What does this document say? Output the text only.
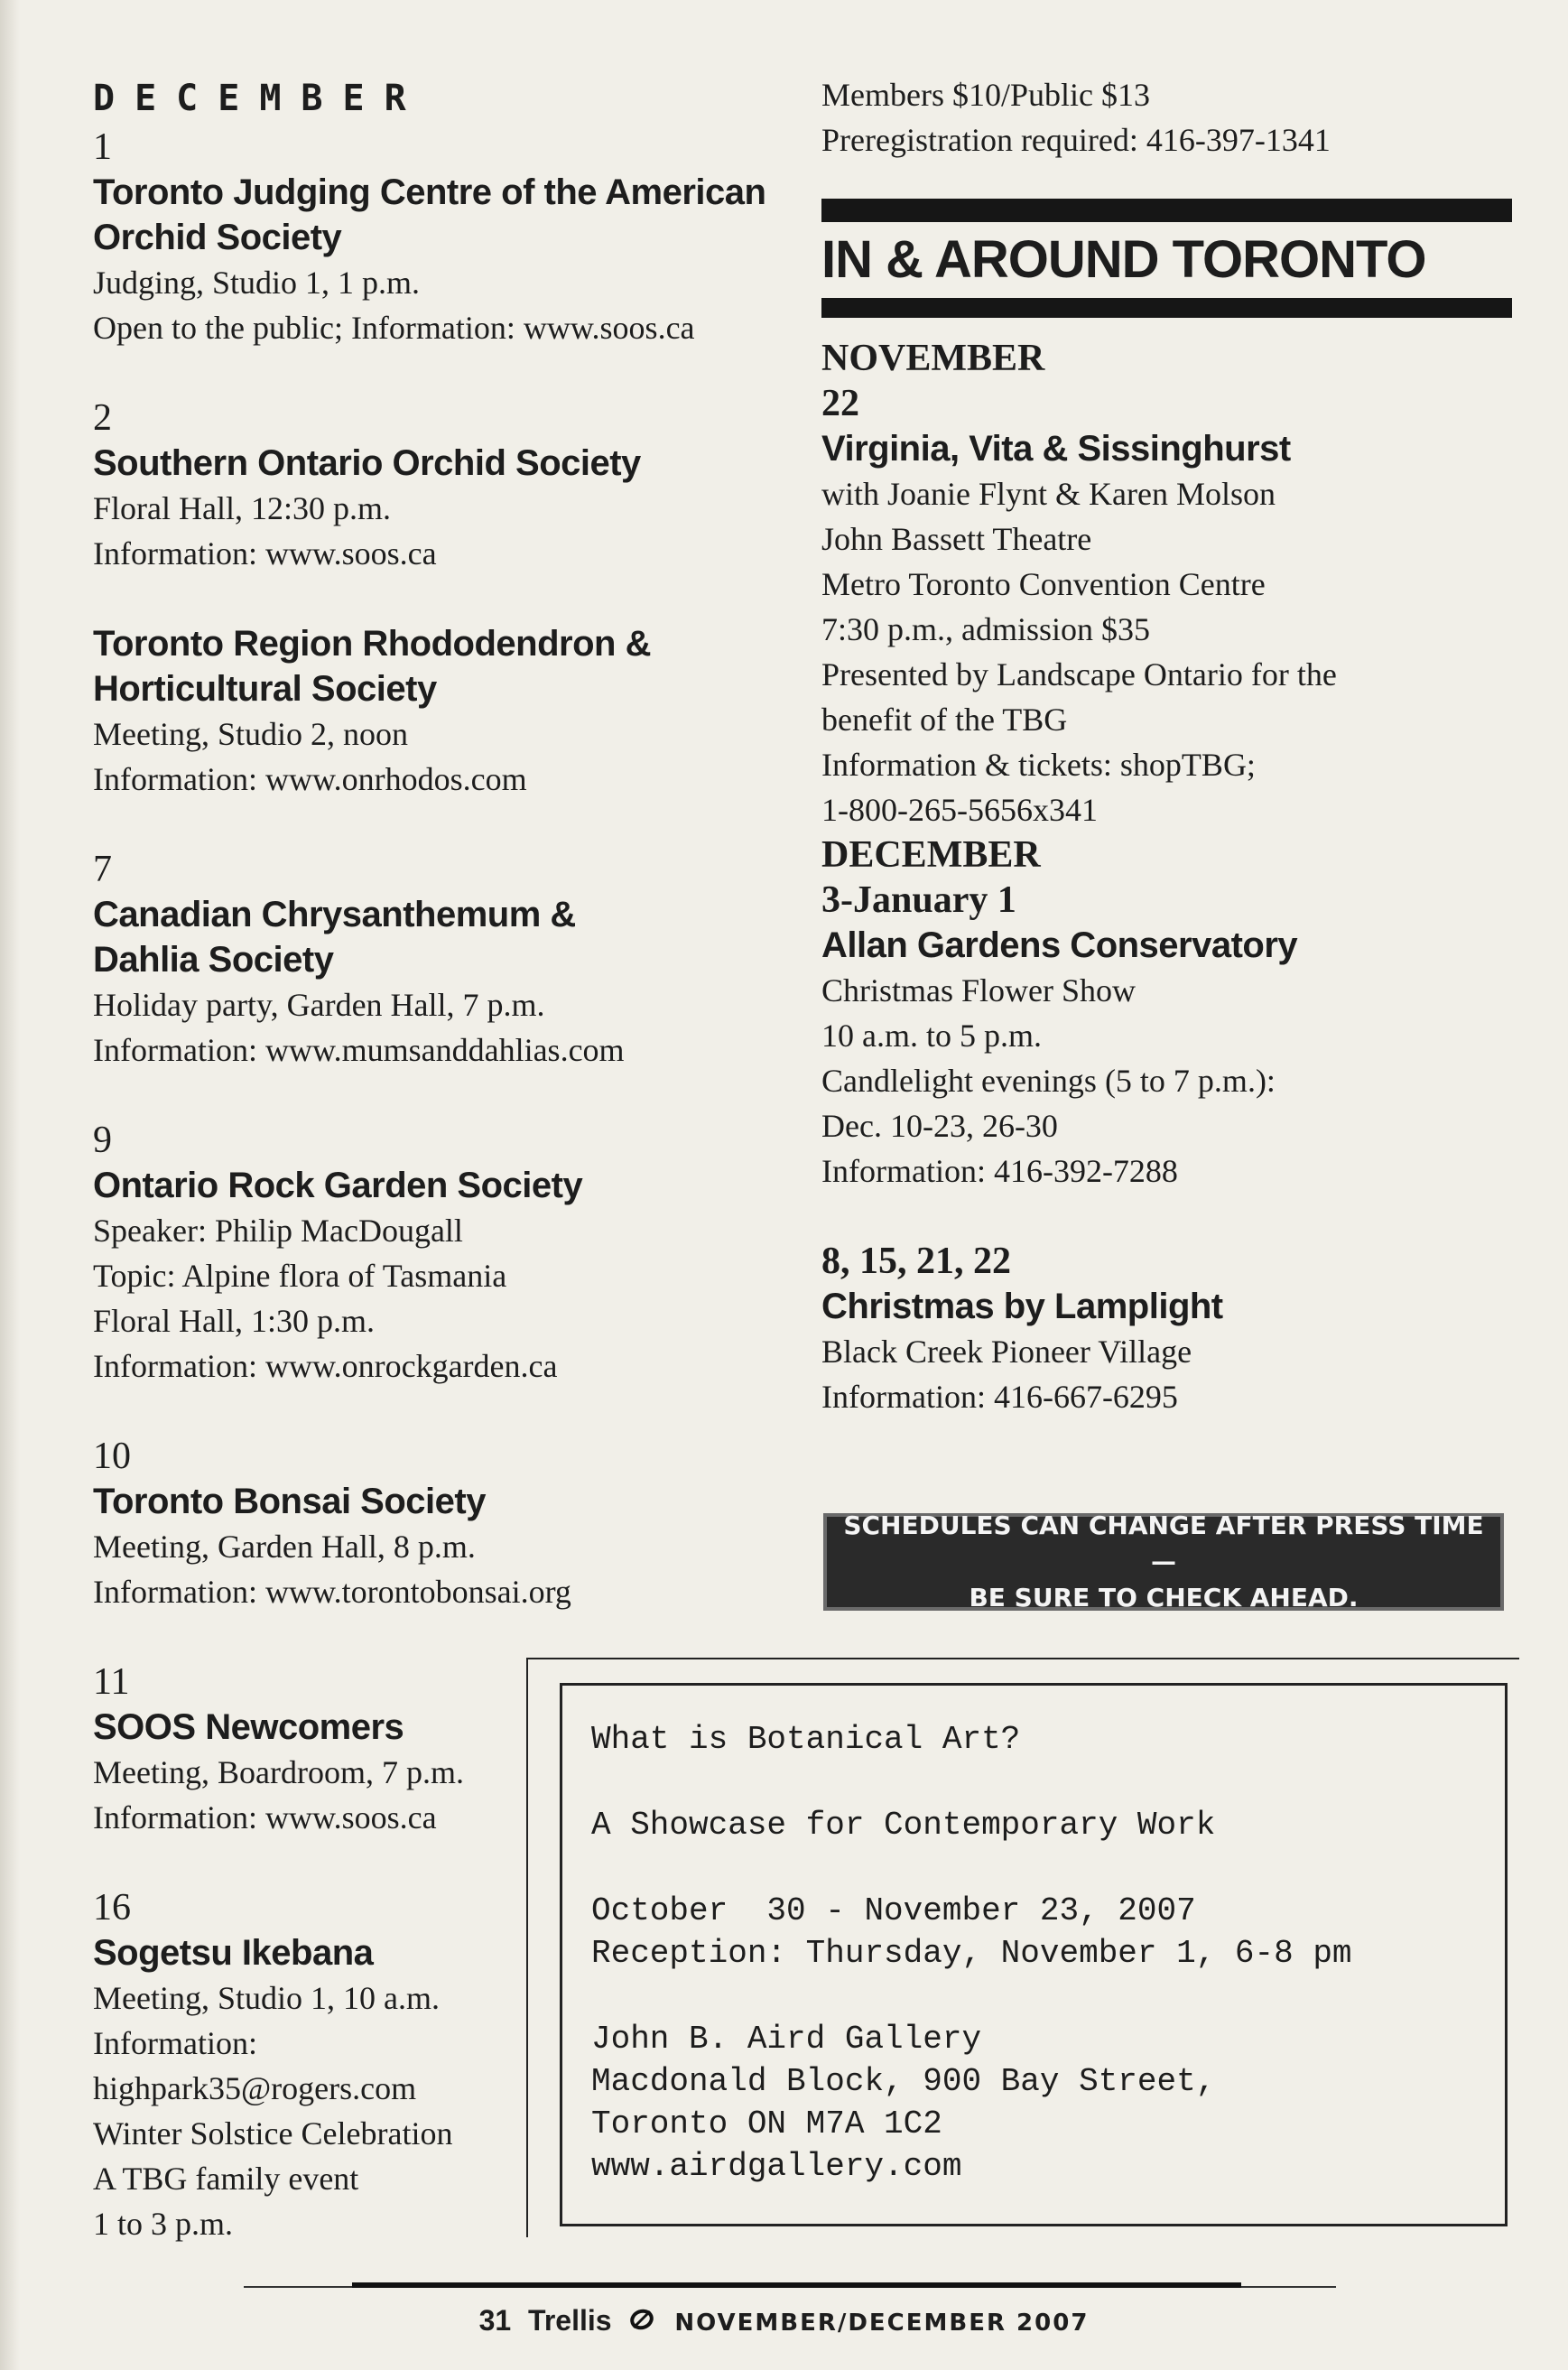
DECEMBER

1

Toronto Judging Centre of the American

Orchid Society

Judging, Studio 1, 1 p.m.

Open to the public; Information: www.soos.ca

2

Southern Ontario Orchid Society

Floral Hall, 12:30 p.m.

Information: www.soos.ca

Toronto Region Rhododendron &

Horticultural Society

Meeting, Studio 2, noon

Information: www.onrhodos.com

7

Canadian Chrysanthemum &

Dahlia Society

Holiday party, Garden Hall, 7 p.m.

Information: www.mumsanddahlias.com

9

Ontario Rock Garden Society

Speaker: Philip MacDougall

Topic: Alpine flora of Tasmania

Floral Hall, 1:30 p.m.

Information: www.onrockgarden.ca

10

Toronto Bonsai Society

Meeting, Garden Hall, 8 p.m.

Information: www.torontobonsai.org

11

SOOS Newcomers

Meeting, Boardroom, 7 p.m.

Information: www.soos.ca

16

Sogetsu Ikebana

Meeting, Studio 1, 10 a.m.

Information:

highpark35@rogers.com

Winter Solstice Celebration

A TBG family event

1 to 3 p.m.

Members $10/Public $13

Preregistration required: 416-397-1341

IN & AROUND TORONTO

NOVEMBER

22

Virginia, Vita & Sissinghurst

with Joanie Flynt & Karen Molson

John Bassett Theatre

Metro Toronto Convention Centre

7:30 p.m., admission $35

Presented by Landscape Ontario for the

benefit of the TBG

Information & tickets: shopTBG;

1-800-265-5656x341

DECEMBER

3-January 1

Allan Gardens Conservatory

Christmas Flower Show

10 a.m. to 5 p.m.

Candlelight evenings (5 to 7 p.m.):

Dec. 10-23, 26-30

Information: 416-392-7288

8, 15, 21, 22

Christmas by Lamplight

Black Creek Pioneer Village

Information: 416-667-6295

SCHEDULES CAN CHANGE AFTER PRESS TIME —
BE SURE TO CHECK AHEAD.

What is Botanical Art?

A Showcase for Contemporary Work

October  30 - November 23, 2007

Reception: Thursday, November 1, 6-8 pm

John B. Aird Gallery

Macdonald Block, 900 Bay Street,

Toronto ON M7A 1C2

www.airdgallery.com

31 Trellis	NOVEMBER/DECEMBER 2007
